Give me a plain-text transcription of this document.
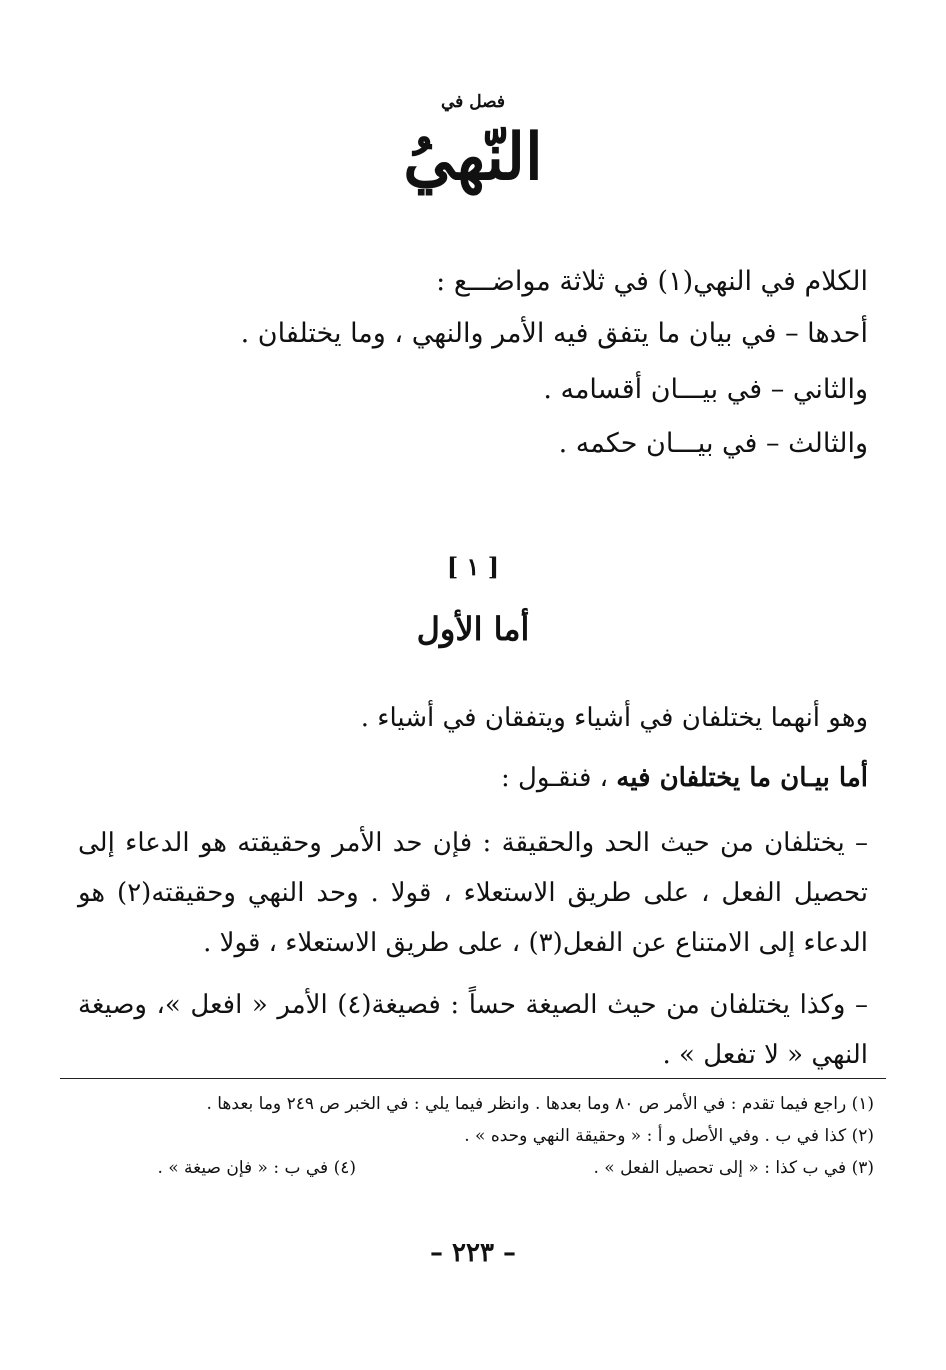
فصل في
النّهيُ
الكلام في النهي(١) في ثلاثة مواضـــع :
أحدها – في بيان ما يتفق فيه الأمر والنهي ، وما يختلفان .
والثاني – في بيـــان أقسامه .
والثالث – في بيـــان حكمه .
[ ١ ]
أما الأول
وهو أنهما يختلفان في أشياء ويتفقان في أشياء .
أما بيـان ما يختلفان فيه ، فنقـول :
– يختلفان من حيث الحد والحقيقة : فإن حد الأمر وحقيقته هو الدعاء إلى تحصيل الفعل ، على طريق الاستعلاء ، قولا . وحد النهي وحقيقته(٢) هو الدعاء إلى الامتناع عن الفعل(٣) ، على طريق الاستعلاء ، قولا .
– وكذا يختلفان من حيث الصيغة حساً : فصيغة(٤) الأمر « افعل »، وصيغة النهي « لا تفعل » .
(١) راجع فيما تقدم : في الأمر ص ٨٠ وما بعدها . وانظر فيما يلي : في الخبر ص ٢٤٩ وما بعدها .
(٢) كذا في ب . وفي الأصل و أ : « وحقيقة النهي وحده » .
(٣) في ب كذا : « إلى تحصيل الفعل » .
(٤) في ب : « فإن صيغة » .
– ٢٢٣ –
